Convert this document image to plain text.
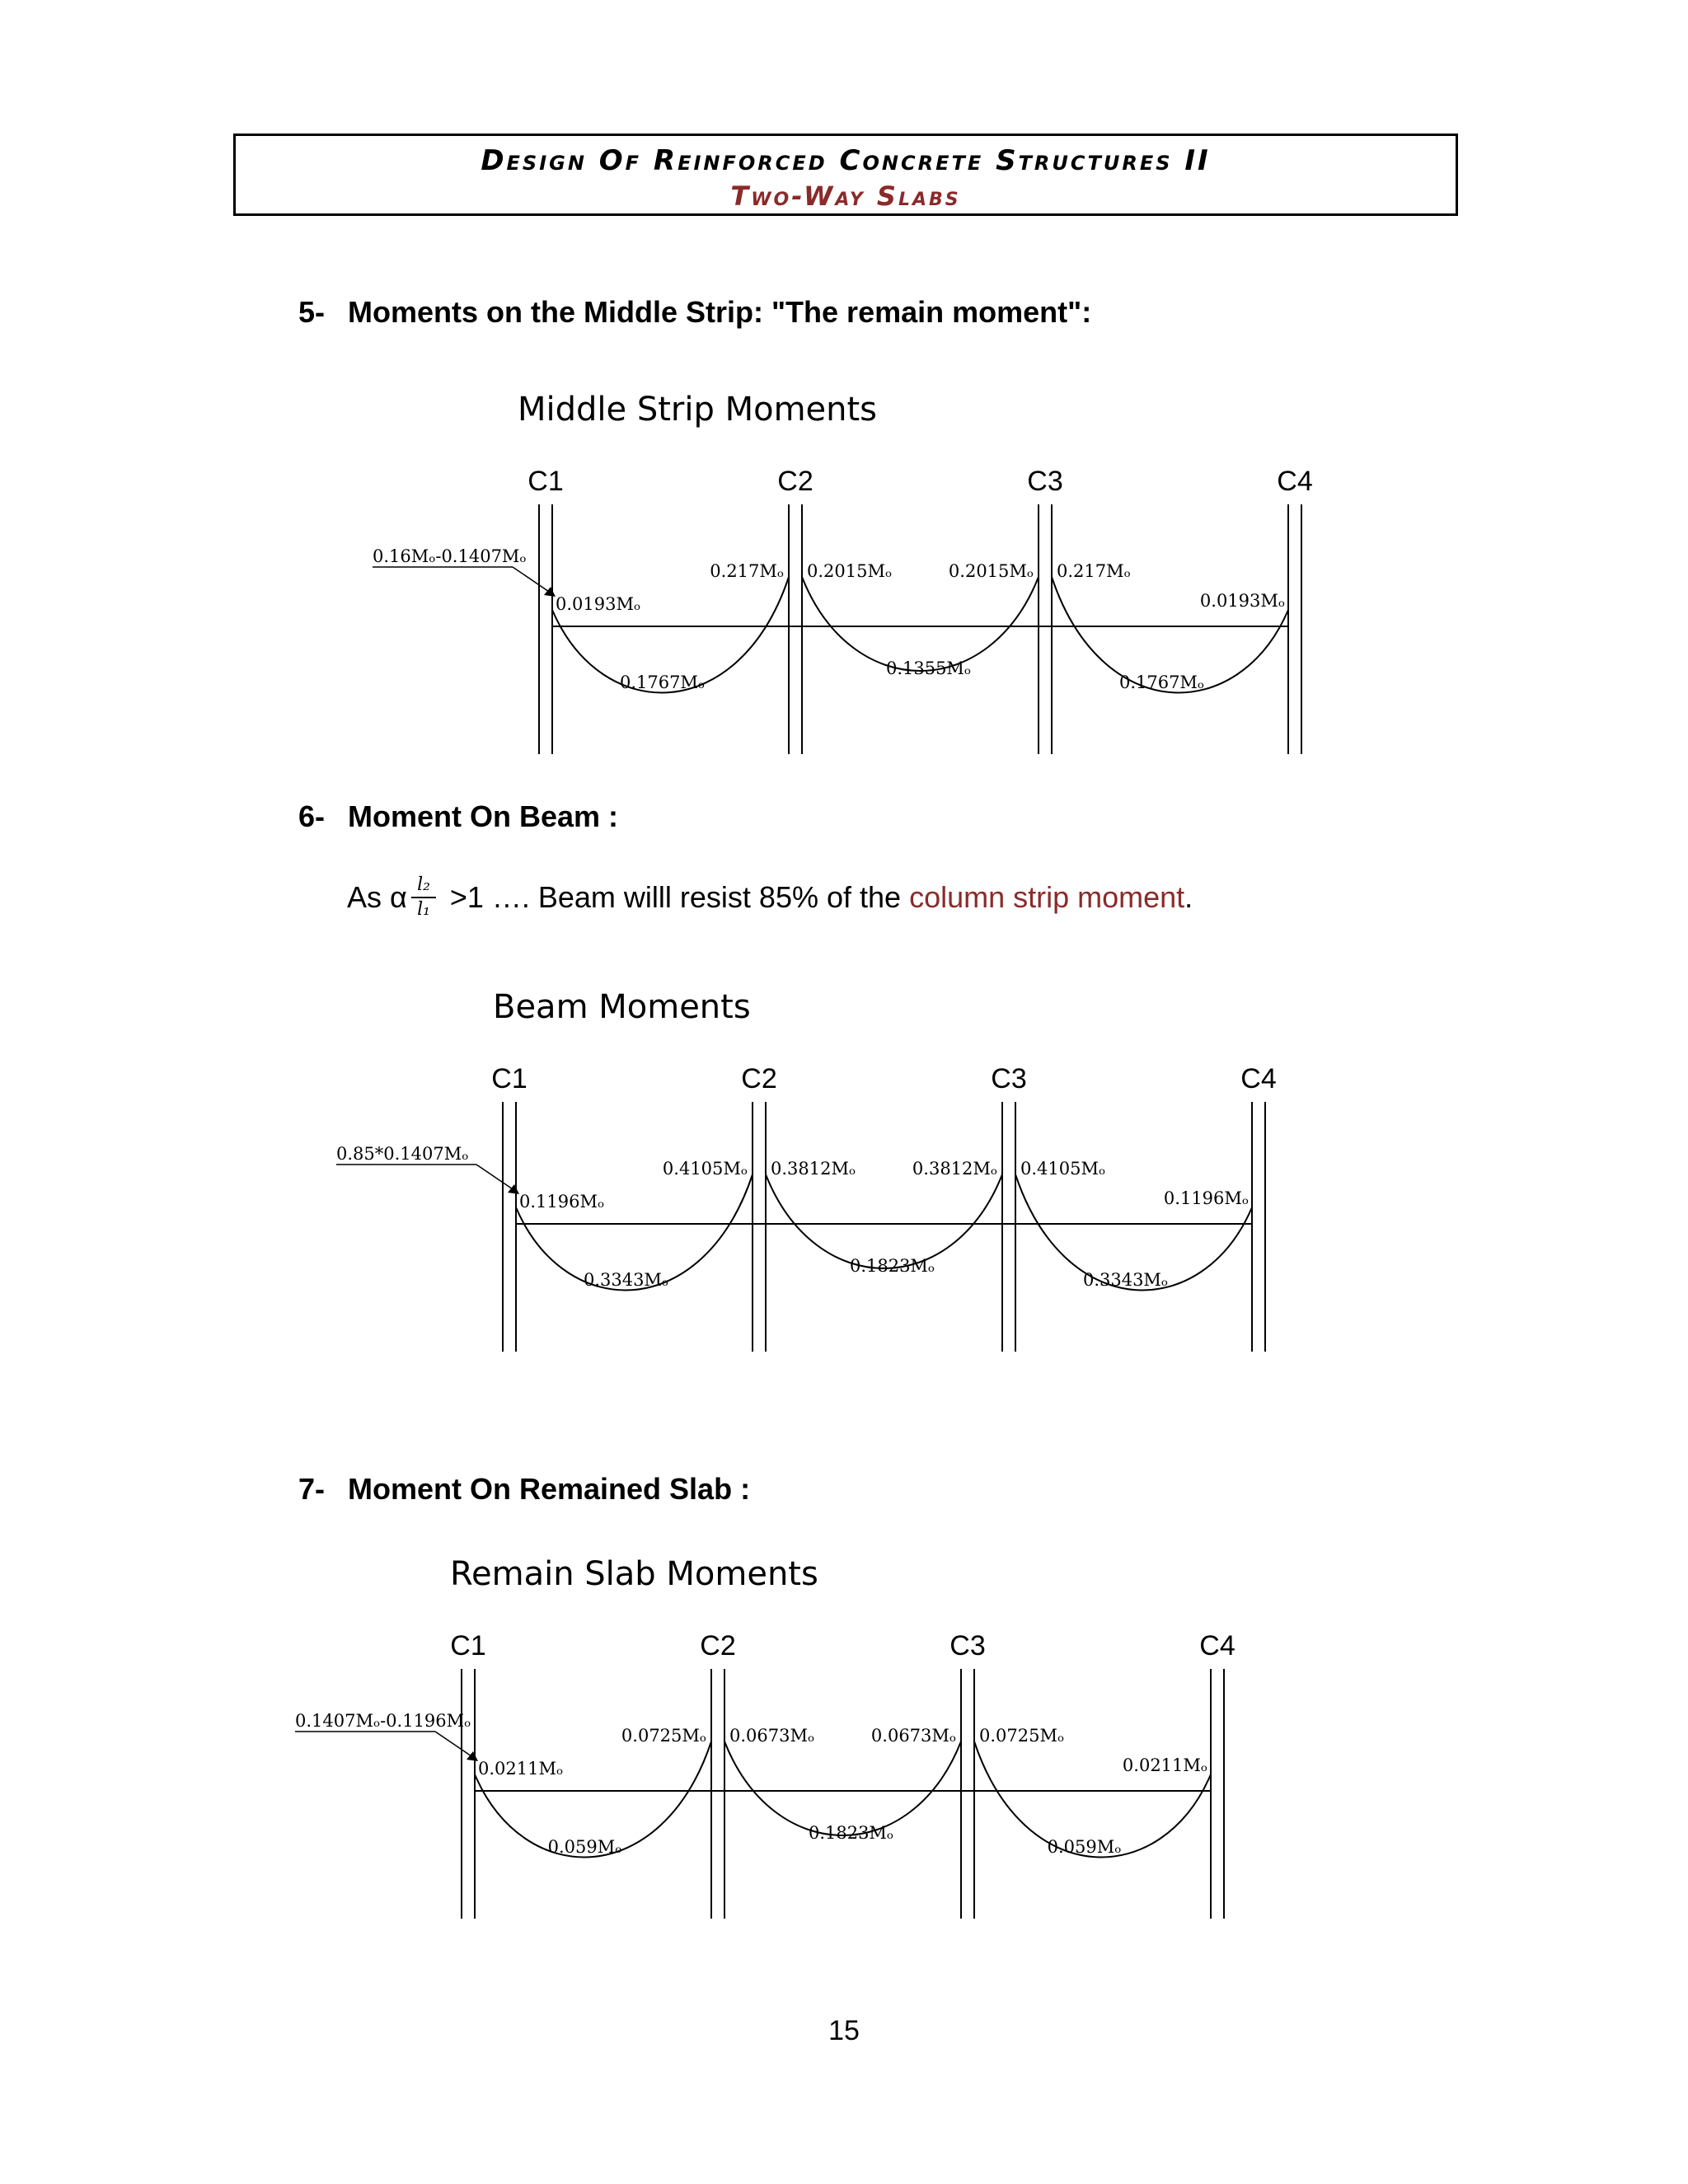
Design Of Reinforced Concrete Structures II
Two-Way Slabs
5- Moments on the Middle Strip: "The remain moment":
6- Moment On Beam :
As α >1 …. Beam willl resist 85% of the column strip moment.
l₂
l₁
7- Moment On Remained Slab :
Middle Strip Moments
C1	C2	C3	C4
0.1767Mₒ
0.1355Mₒ
0.1767Mₒ
0.16Mₒ-0.1407Mₒ
0.0193Mₒ	0.0193Mₒ
0.217Mₒ 0.2015Mₒ	0.2015Mₒ 0.217Mₒ
Beam Moments
C1	C2	C3	C4
0.3343Mₒ
0.1823Mₒ
0.3343Mₒ
0.85*0.1407Mₒ
0.1196Mₒ	0.1196Mₒ
0.4105Mₒ 0.3812Mₒ	0.3812Mₒ 0.4105Mₒ
Remain Slab Moments
C1	C2	C3	C4
0.059Mₒ
0.1823Mₒ
0.059Mₒ
0.1407Mₒ-0.1196Mₒ
0.0211Mₒ	0.0211Mₒ
0.0725Mₒ 0.0673Mₒ	0.0673Mₒ 0.0725Mₒ
15
